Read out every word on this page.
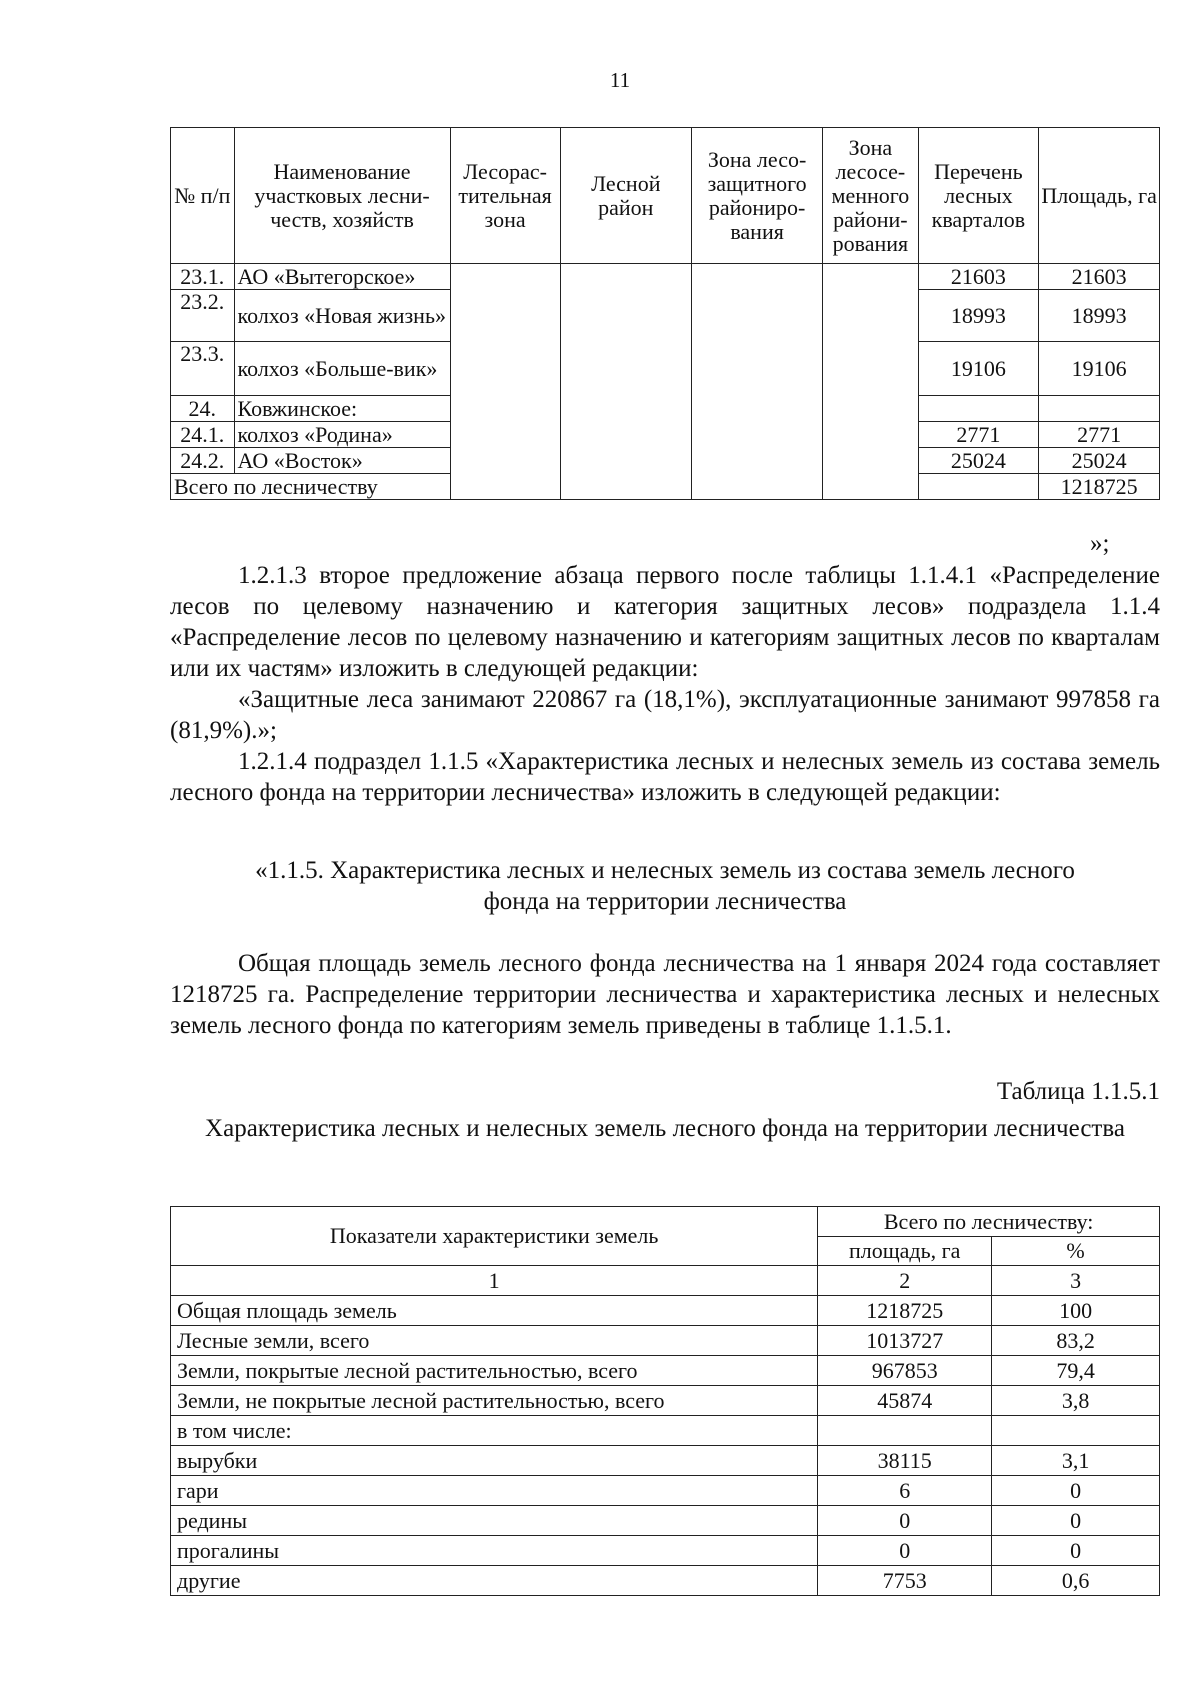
11
№ п/п	Наименование участковых лесни-честв, хозяйств	Лесорас-тительная зона	Лесной район	Зона лесо-защитного райониро-вания	Зона лесосе-менного райони-рования	Перечень лесных кварталов	Площадь, га
23.1.	АО «Вытегорское»					21603	21603
23.2.	колхоз «Новая жизнь»					18993	18993
23.3.	колхоз «Больше-вик»					19106	19106
24.	Ковжинское:						
24.1.	колхоз «Родина»					2771	2771
24.2.	АО «Восток»					25024	25024
Всего по лесничеству							1218725
»;

1.2.1.3 второе предложение абзаца первого после таблицы 1.1.4.1 «Распределение лесов по целевому назначению и категория защитных лесов» подраздела 1.1.4 «Распределение лесов по целевому назначению и категориям защитных лесов по кварталам или их частям» изложить в следующей редакции:

«Защитные леса занимают 220867 га (18,1%), эксплуатационные занимают 997858 га (81,9%).»;

1.2.1.4 подраздел 1.1.5 «Характеристика лесных и нелесных земель из состава земель лесного фонда на территории лесничества» изложить в следующей редакции:

«1.1.5. Характеристика лесных и нелесных земель из состава земель лесного
фонда на территории лесничества

Общая площадь земель лесного фонда лесничества на 1 января 2024 года составляет 1218725 га. Распределение территории лесничества и характеристика лесных и нелесных земель лесного фонда по категориям земель приведены в таблице 1.1.5.1.

Таблица 1.1.5.1
Характеристика лесных и нелесных земель лесного фонда на территории лесничества
Показатели характеристики земель	Всего по лесничеству:	
	площадь, га	%
1	2	3
Общая площадь земель	1218725	100
Лесные земли, всего	1013727	83,2
Земли, покрытые лесной растительностью, всего	967853	79,4
Земли, не покрытые лесной растительностью, всего	45874	3,8
в том числе:		
вырубки	38115	3,1
гари	6	0
редины	0	0
прогалины	0	0
другие	7753	0,6
